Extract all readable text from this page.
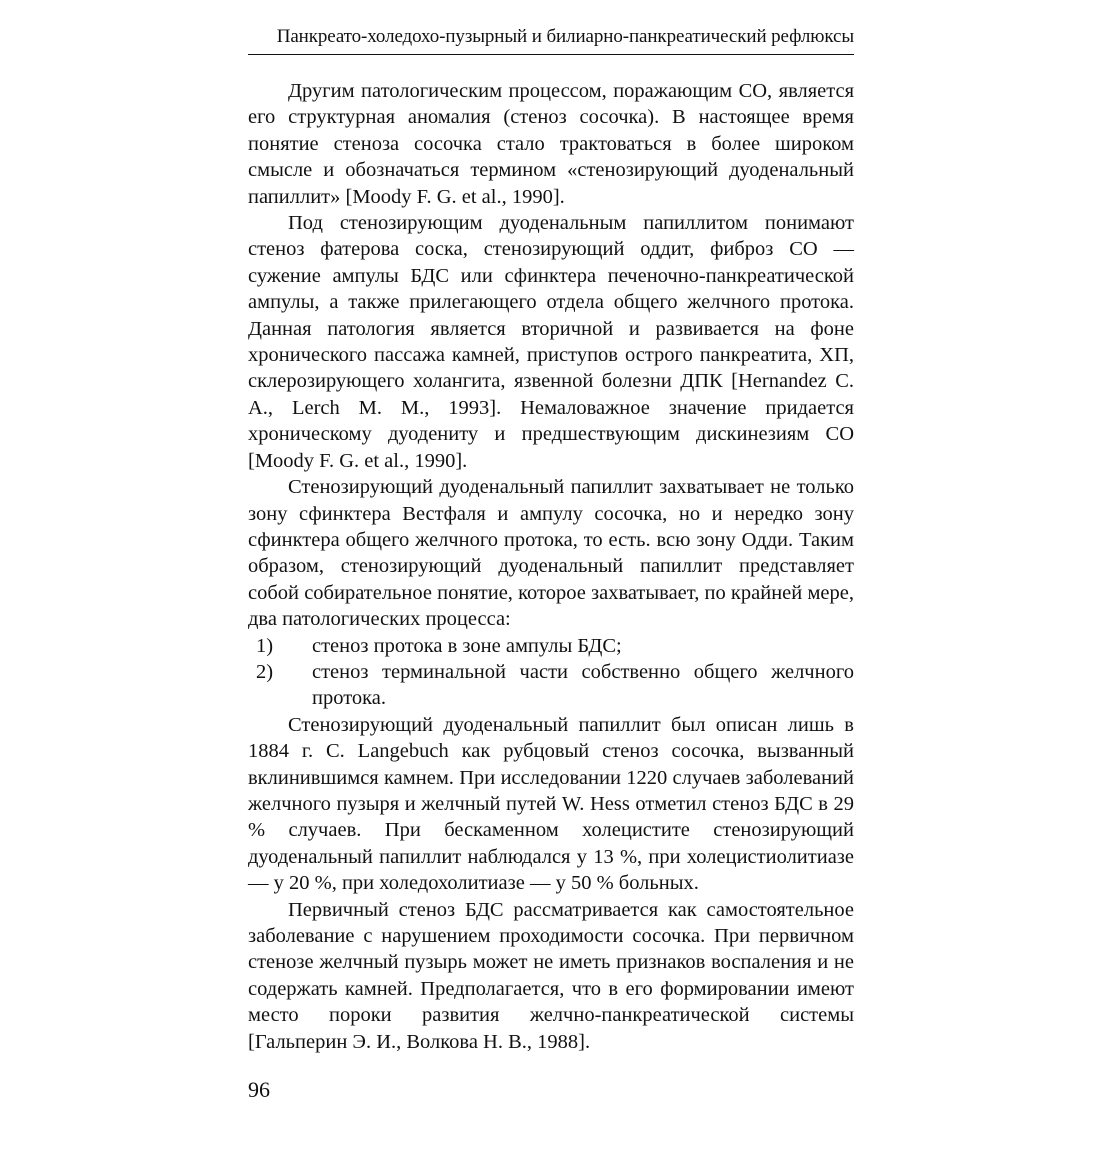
Панкреато-холедохо-пузырный и билиарно-панкреатический рефлюксы

Другим патологическим процессом, поражающим СО, является его структурная аномалия (стеноз сосочка). В настоящее время понятие стеноза сосочка стало трактоваться в более широком смысле и обозначаться термином «стенозирующий дуоденальный папиллит» [Moody F. G. et al., 1990].

Под стенозирующим дуоденальным папиллитом понимают стеноз фатерова соска, стенозирующий оддит, фиброз СО — сужение ампулы БДС или сфинктера печеночно-панкреатической ампулы, а также прилегающего отдела общего желчного протока. Данная патология является вторичной и развивается на фоне хронического пассажа камней, приступов острого панкреатита, ХП, склерозирующего холангита, язвенной болезни ДПК [Hernandez C. A., Lerch M. M., 1993]. Немаловажное значение придается хроническому дуодениту и предшествующим дискинезиям СО [Moody F. G. et al., 1990].

Стенозирующий дуоденальный папиллит захватывает не только зону сфинктера Вестфаля и ампулу сосочка, но и нередко зону сфинктера общего желчного протока, то есть. всю зону Одди. Таким образом, стенозирующий дуоденальный папиллит представляет собой собирательное понятие, которое захватывает, по крайней мере, два патологических процесса:

1)	стеноз протока в зоне ампулы БДС;
2)	стеноз терминальной части собственно общего желчного протока.

Стенозирующий дуоденальный папиллит был описан лишь в 1884 г. C. Langebuch как рубцовый стеноз сосочка, вызванный вклинившимся камнем. При исследовании 1220 случаев заболеваний желчного пузыря и желчный путей W. Hess отметил стеноз БДС в 29 % случаев. При бескаменном холецистите стенозирующий дуоденальный папиллит наблюдался у 13 %, при холецистиолитиазе — у 20 %, при холедохолитиазе — у 50 % больных.

Первичный стеноз БДС рассматривается как самостоятельное заболевание с нарушением проходимости сосочка. При первичном стенозе желчный пузырь может не иметь признаков воспаления и не содержать камней. Предполагается, что в его формировании имеют место пороки развития желчно-панкреатической системы [Гальперин Э. И., Волкова Н. В., 1988].

96
